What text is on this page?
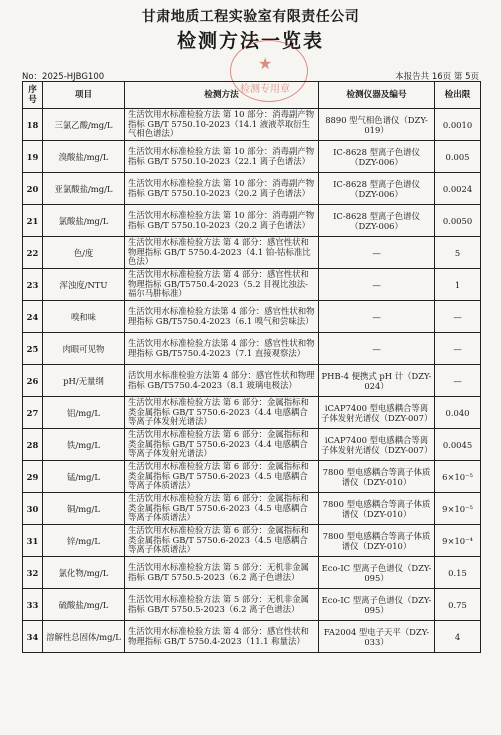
甘肃地质工程实验室有限责任公司
检测方法一览表
★
检测专用章
No：2025-HJBG100	本报告共 16页 第 5页
序号	项目	检测方法	检测仪器及编号	检出限
18	三氯乙酸/mg/L	生活饮用水标准检验方法 第 10 部分：消毒副产物指标 GB/T 5750.10-2023（14.1 液液萃取衍生气相色谱法）	8890 型气相色谱仪（DZY-019）	0.0010
19	溴酸盐/mg/L	生活饮用水标准检验方法 第 10 部分：消毒副产物指标 GB/T 5750.10-2023（22.1 离子色谱法）	IC-8628 型离子色谱仪（DZY-006）	0.005
20	亚氯酸盐/mg/L	生活饮用水标准检验方法 第 10 部分：消毒副产物指标 GB/T 5750.10-2023（20.2 离子色谱法）	IC-8628 型离子色谱仪（DZY-006）	0.0024
21	氯酸盐/mg/L	生活饮用水标准检验方法 第 10 部分：消毒副产物指标 GB/T 5750.10-2023（20.2 离子色谱法）	IC-8628 型离子色谱仪（DZY-006）	0.0050
22	色/度	生活饮用水标准检验方法 第 4 部分：感官性状和物理指标 GB/T 5750.4-2023（4.1 铂-钴标准比色法）	—	5
23	浑浊度/NTU	生活饮用水标准检验方法 第 4 部分：感官性状和物理指标 GB/T5750.4-2023（5.2 目视比浊法-福尔马肼标准）	—	1
24	嗅和味	生活饮用水标准检验方法第 4 部分：感官性状和物理指标 GB/T5750.4-2023（6.1 嗅气和尝味法）	—	—
25	肉眼可见物	生活饮用水标准检验方法第 4 部分：感官性状和物理指标 GB/T5750.4-2023（7.1 直接观察法）	—	—
26	pH/无量纲	活饮用水标准检验方法第 4 部分：感官性状和物理指标 GB/T5750.4-2023（8.1 玻璃电极法）	PHB-4 便携式 pH 计（DZY-024）	—
27	铝/mg/L	生活饮用水标准检验方法 第 6 部分：金属指标和类金属指标 GB/T 5750.6-2023（4.4 电感耦合等离子体发射光谱法）	iCAP7400 型电感耦合等离子体发射光谱仪（DZY-007）	0.040
28	铁/mg/L	生活饮用水标准检验方法 第 6 部分：金属指标和类金属指标 GB/T 5750.6-2023（4.4 电感耦合等离子体发射光谱法）	iCAP7400 型电感耦合等离子体发射光谱仪（DZY-007）	0.0045
29	锰/mg/L	生活饮用水标准检验方法 第 6 部分：金属指标和类金属指标 GB/T 5750.6-2023（4.5 电感耦合等离子体质谱法）	7800 型电感耦合等离子体质谱仪（DZY-010）	6×10⁻⁵
30	铜/mg/L	生活饮用水标准检验方法 第 6 部分：金属指标和类金属指标 GB/T 5750.6-2023（4.5 电感耦合等离子体质谱法）	7800 型电感耦合等离子体质谱仪（DZY-010）	9×10⁻⁵
31	锌/mg/L	生活饮用水标准检验方法 第 6 部分：金属指标和类金属指标 GB/T 5750.6-2023（4.5 电感耦合等离子体质谱法）	7800 型电感耦合等离子体质谱仪（DZY-010）	9×10⁻⁴
32	氯化物/mg/L	生活饮用水标准检验方法 第 5 部分：无机非金属指标 GB/T 5750.5-2023（6.2 离子色谱法）	Eco-IC 型离子色谱仪（DZY-095）	0.15
33	硫酸盐/mg/L	生活饮用水标准检验方法 第 5 部分：无机非金属指标 GB/T 5750.5-2023（6.2 离子色谱法）	Eco-IC 型离子色谱仪（DZY-095）	0.75
34	溶解性总固体/mg/L	生活饮用水标准检验方法 第 4 部分：感官性状和物理指标 GB/T 5750.4-2023（11.1 称量法）	FA2004 型电子天平（DZY-033）	4
